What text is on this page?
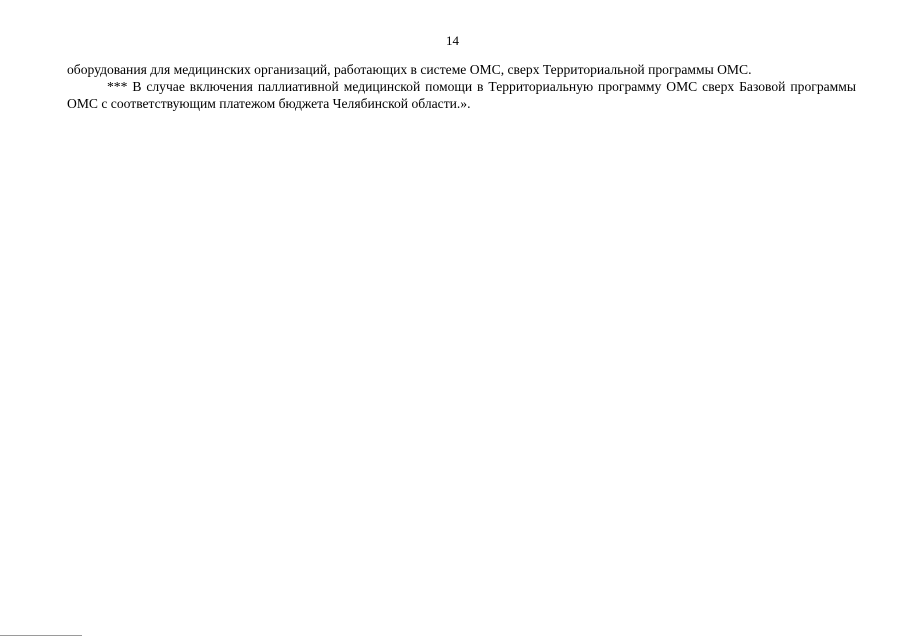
14

оборудования для медицинских организаций, работающих в системе ОМС, сверх Территориальной программы ОМС.

*** В случае включения паллиативной медицинской помощи в Территориальную программу ОМС сверх Базовой программы ОМС с соответствующим платежом бюджета Челябинской области.».
